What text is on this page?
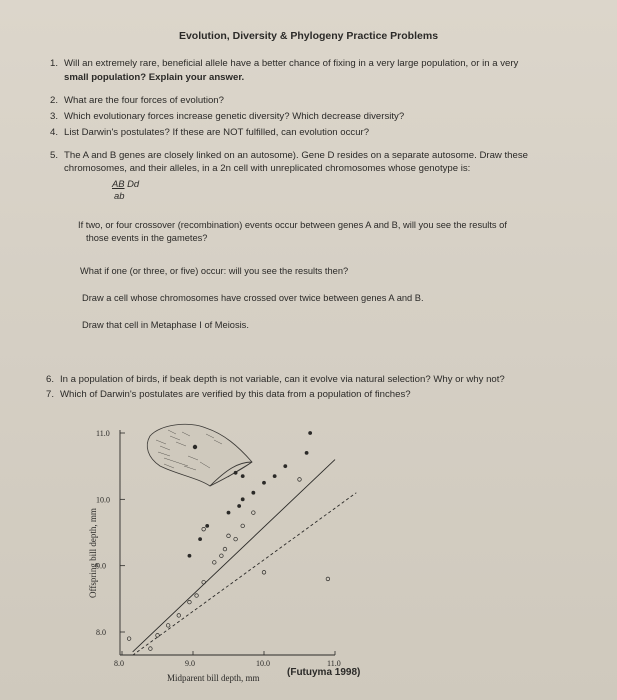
Evolution, Diversity & Phylogeny Practice Problems
1. Will an extremely rare, beneficial allele have a better chance of fixing in a very large population, or in a very
small population? Explain your answer.
2. What are the four forces of evolution?
3. Which evolutionary forces increase genetic diversity? Which decrease diversity?
4. List Darwin's postulates? If these are NOT fulfilled, can evolution occur?
5. The A and B genes are closely linked on an autosome). Gene D resides on a separate autosome. Draw these
chromosomes, and their alleles, in a 2n cell with unreplicated chromosomes whose genotype is:
AB Dd
ab
If two, or four crossover (recombination) events occur between genes A and B, will you see the results of
those events in the gametes?
What if one (or three, or five) occur: will you see the results then?
Draw a cell whose chromosomes have crossed over twice between genes A and B.
Draw that cell in Metaphase I of Meiosis.
6. In a population of birds, if beak depth is not variable, can it evolve via natural selection? Why or why not?
7. Which of Darwin's postulates are verified by this data from a population of finches?
8.0
9.0
10.0
11.0
8.0	9.0	10.0	11.0
Midparent bill depth, mm
Offspring bill depth, mm
(Futuyma 1998)
